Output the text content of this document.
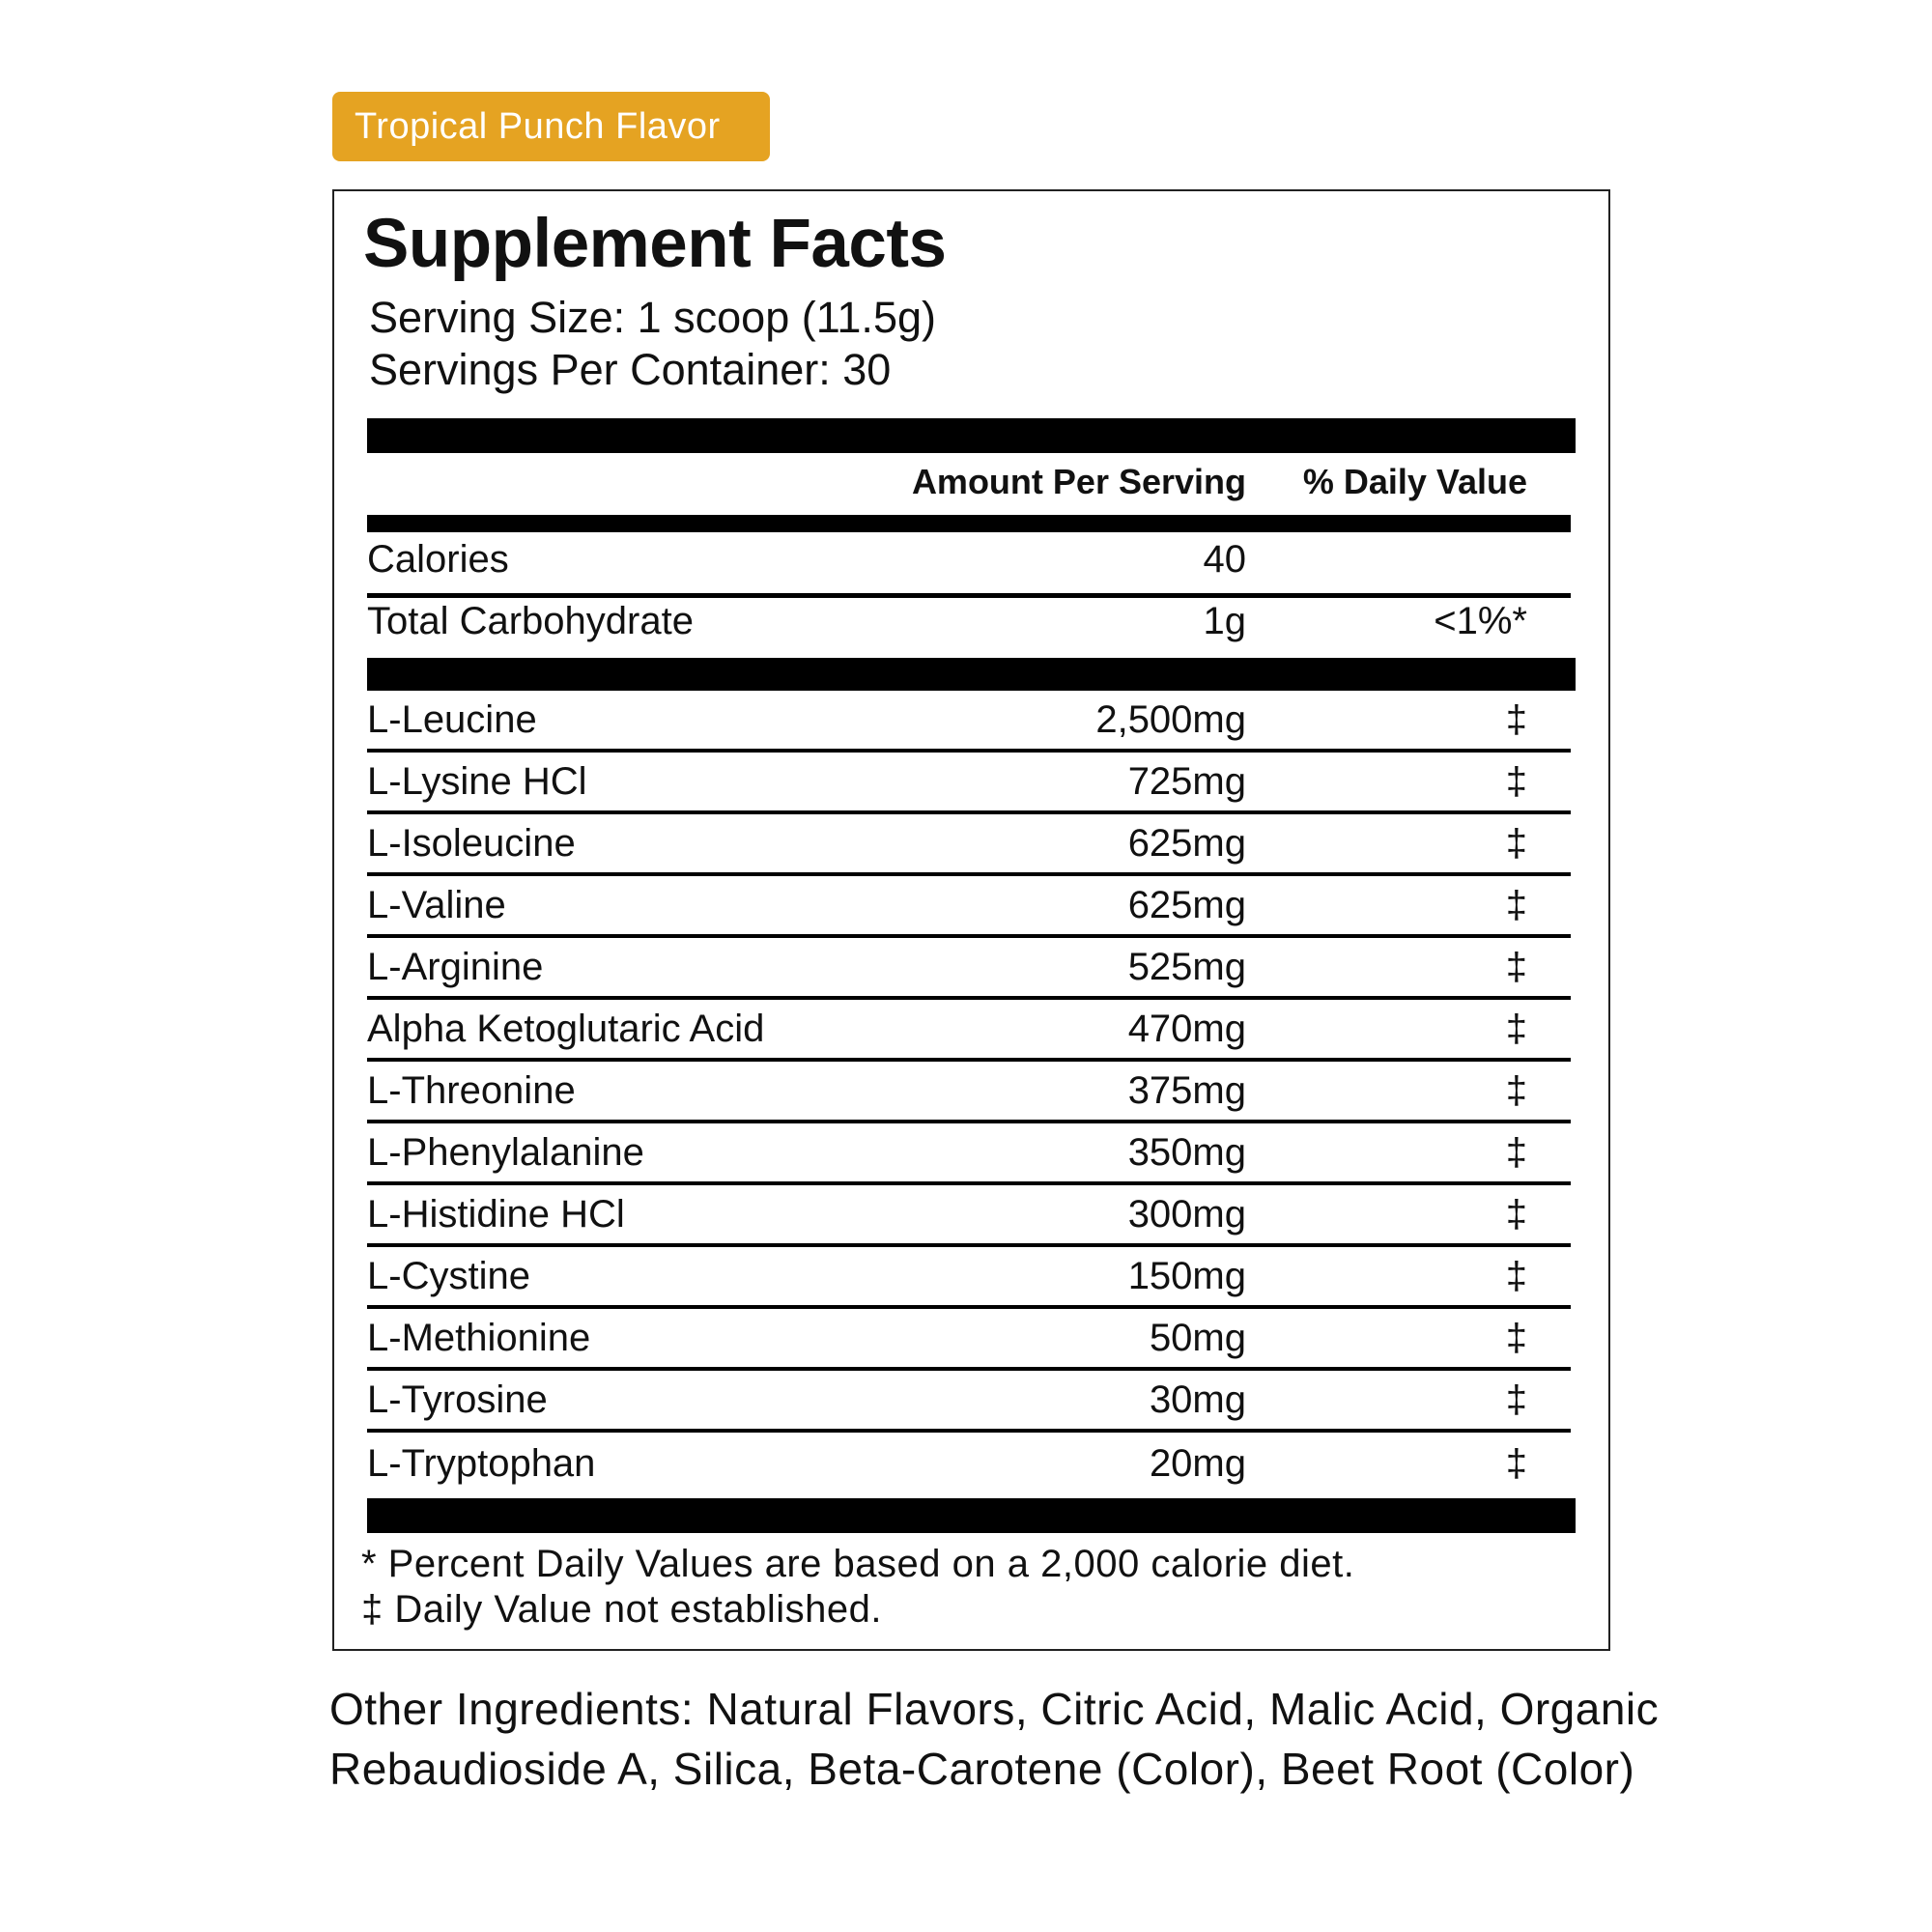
Tropical Punch Flavor
Supplement Facts
Serving Size: 1 scoop (11.5g)
Servings Per Container: 30
Amount Per Serving % Daily Value
Calories	40
Total Carbohydrate	1g	<1%*
L-Leucine	2,500mg	‡
L-Lysine HCl	725mg	‡
L-Isoleucine	625mg	‡
L-Valine	625mg	‡
L-Arginine	525mg	‡
Alpha Ketoglutaric Acid	470mg	‡
L-Threonine	375mg	‡
L-Phenylalanine	350mg	‡
L-Histidine HCl	300mg	‡
L-Cystine	150mg	‡
L-Methionine	50mg	‡
L-Tyrosine	30mg	‡
L-Tryptophan	20mg	‡
* Percent Daily Values are based on a 2,000 calorie diet.
‡ Daily Value not established.
Other Ingredients: Natural Flavors, Citric Acid, Malic Acid, Organic Rebaudioside A, Silica, Beta-Carotene (Color), Beet Root (Color)
